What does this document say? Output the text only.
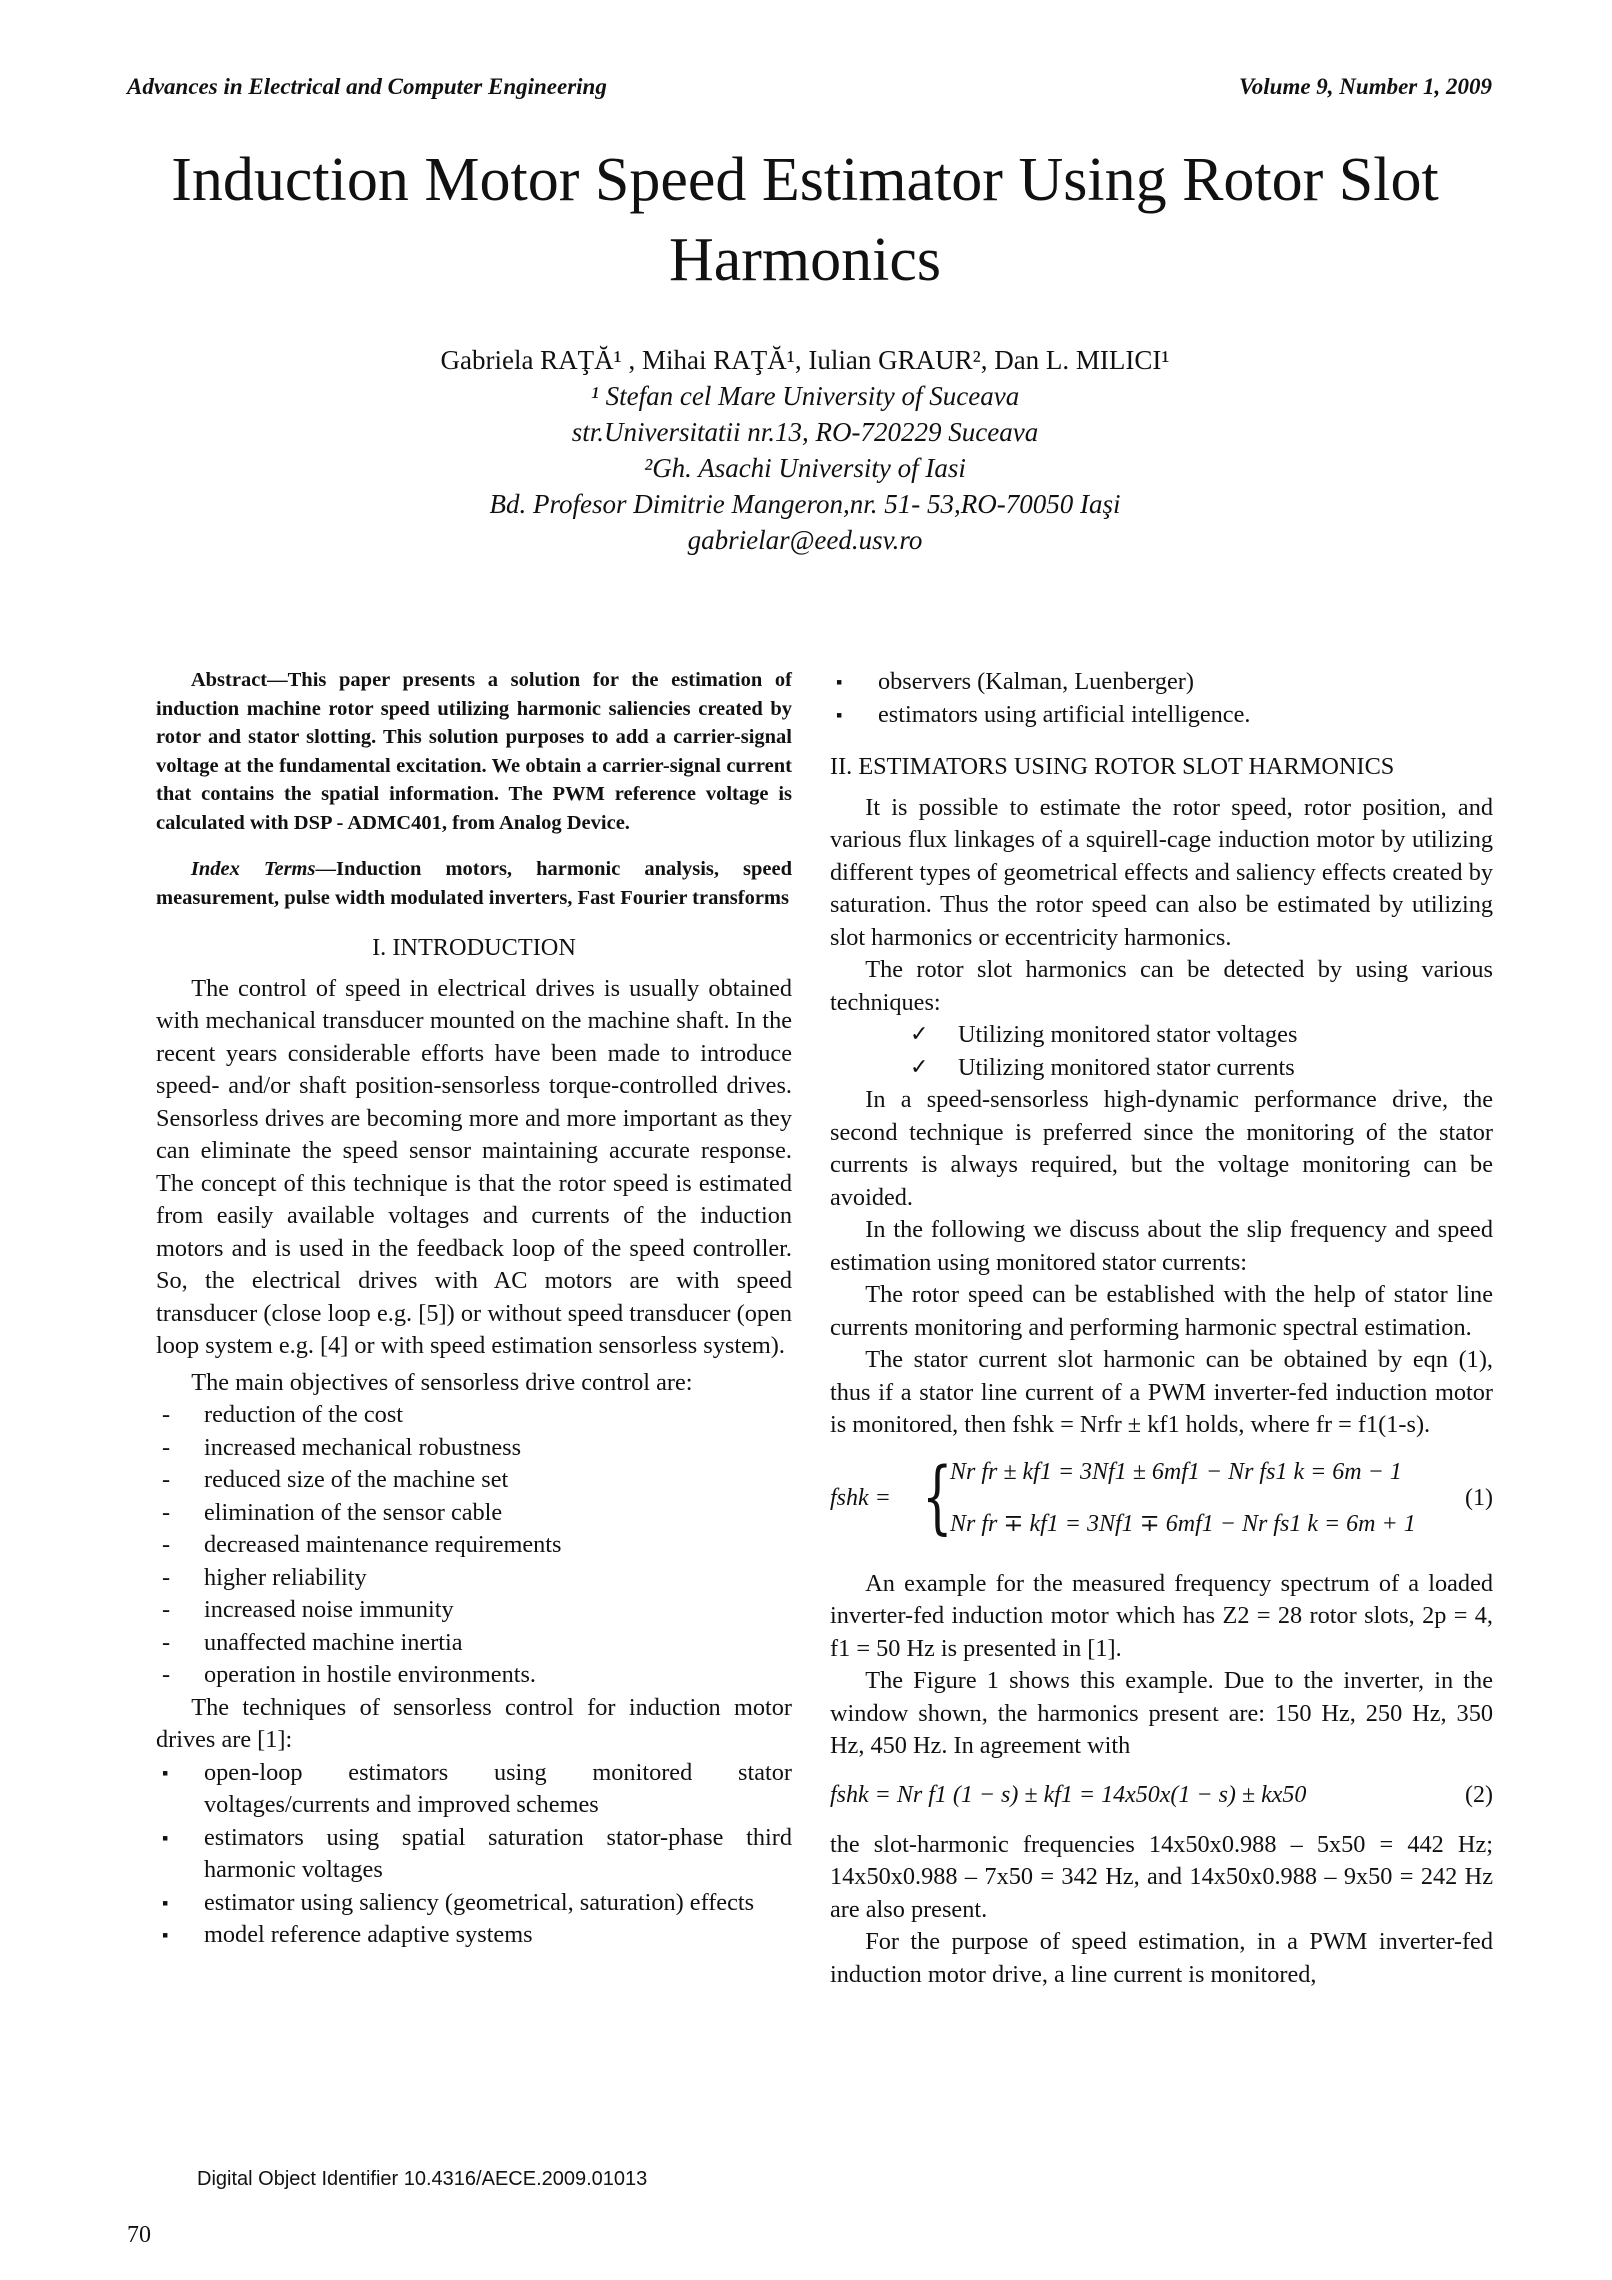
Advances in Electrical and Computer Engineering	Volume 9, Number 1, 2009
Induction Motor Speed Estimator Using Rotor Slot Harmonics
Gabriela RAŢĂ¹ , Mihai RAŢĂ¹, Iulian GRAUR², Dan L. MILICI¹
¹ Stefan cel Mare University of Suceava
str.Universitatii nr.13, RO-720229 Suceava
²Gh. Asachi University of Iasi
Bd. Profesor Dimitrie Mangeron,nr. 51- 53,RO-70050 Iaşi
gabrielar@eed.usv.ro

Abstract—This paper presents a solution for the estimation of induction machine rotor speed utilizing harmonic saliencies created by rotor and stator slotting. This solution purposes to add a carrier-signal voltage at the fundamental excitation. We obtain a carrier-signal current that contains the spatial information. The PWM reference voltage is calculated with DSP - ADMC401, from Analog Device.

Index Terms—Induction motors, harmonic analysis, speed measurement, pulse width modulated inverters, Fast Fourier transforms

I. INTRODUCTION

The control of speed in electrical drives is usually obtained with mechanical transducer mounted on the machine shaft. In the recent years considerable efforts have been made to introduce speed- and/or shaft position-sensorless torque-controlled drives. Sensorless drives are becoming more and more important as they can eliminate the speed sensor maintaining accurate response. The concept of this technique is that the rotor speed is estimated from easily available voltages and currents of the induction motors and is used in the feedback loop of the speed controller. So, the electrical drives with AC motors are with speed transducer (close loop e.g. [5]) or without speed transducer (open loop system e.g. [4] or with speed estimation sensorless system).

The main objectives of sensorless drive control are:

- reduction of the cost
- increased mechanical robustness
- reduced size of the machine set
- elimination of the sensor cable
- decreased maintenance requirements
- higher reliability
- increased noise immunity
- unaffected machine inertia
- operation in hostile environments.

The techniques of sensorless control for induction motor drives are [1]:

▪ open-loop estimators using monitored stator voltages/currents and improved schemes
▪ estimators using spatial saturation stator-phase third harmonic voltages
▪ estimator using saliency (geometrical, saturation) effects
▪ model reference adaptive systems
▪ observers (Kalman, Luenberger)
▪ estimators using artificial intelligence.
II. ESTIMATORS USING ROTOR SLOT HARMONICS

It is possible to estimate the rotor speed, rotor position, and various flux linkages of a squirell-cage induction motor by utilizing different types of geometrical effects and saliency effects created by saturation. Thus the rotor speed can also be estimated by utilizing slot harmonics or eccentricity harmonics.

The rotor slot harmonics can be detected by using various techniques:

✓ Utilizing monitored stator voltages
✓ Utilizing monitored stator currents

In a speed-sensorless high-dynamic performance drive, the second technique is preferred since the monitoring of the stator currents is always required, but the voltage monitoring can be avoided.

In the following we discuss about the slip frequency and speed estimation using monitored stator currents:

The rotor speed can be established with the help of stator line currents monitoring and performing harmonic spectral estimation.

The stator current slot harmonic can be obtained by eqn (1), thus if a stator line current of a PWM inverter-fed induction motor is monitored, then fshk = Nrfr ± kf1 holds, where fr = f1(1-s).

fshk = {
Nr fr ± kf1 = 3Nf1 ± 6mf1 − Nr fs1 k = 6m − 1
Nr fr ∓ kf1 = 3Nf1 ∓ 6mf1 − Nr fs1 k = 6m + 1
(1)

An example for the measured frequency spectrum of a loaded inverter-fed induction motor which has Z2 = 28 rotor slots, 2p = 4, f1 = 50 Hz is presented in [1].

The Figure 1 shows this example. Due to the inverter, in the window shown, the harmonics present are: 150 Hz, 250 Hz, 350 Hz, 450 Hz. In agreement with

fshk = Nr f1 (1 − s) ± kf1 = 14x50x(1 − s) ± kx50	(2)

the slot-harmonic frequencies 14x50x0.988 – 5x50 = 442 Hz; 14x50x0.988 – 7x50 = 342 Hz, and 14x50x0.988 – 9x50 = 242 Hz are also present.

For the purpose of speed estimation, in a PWM inverter-fed induction motor drive, a line current is monitored,

Digital Object Identifier 10.4316/AECE.2009.01013
70
